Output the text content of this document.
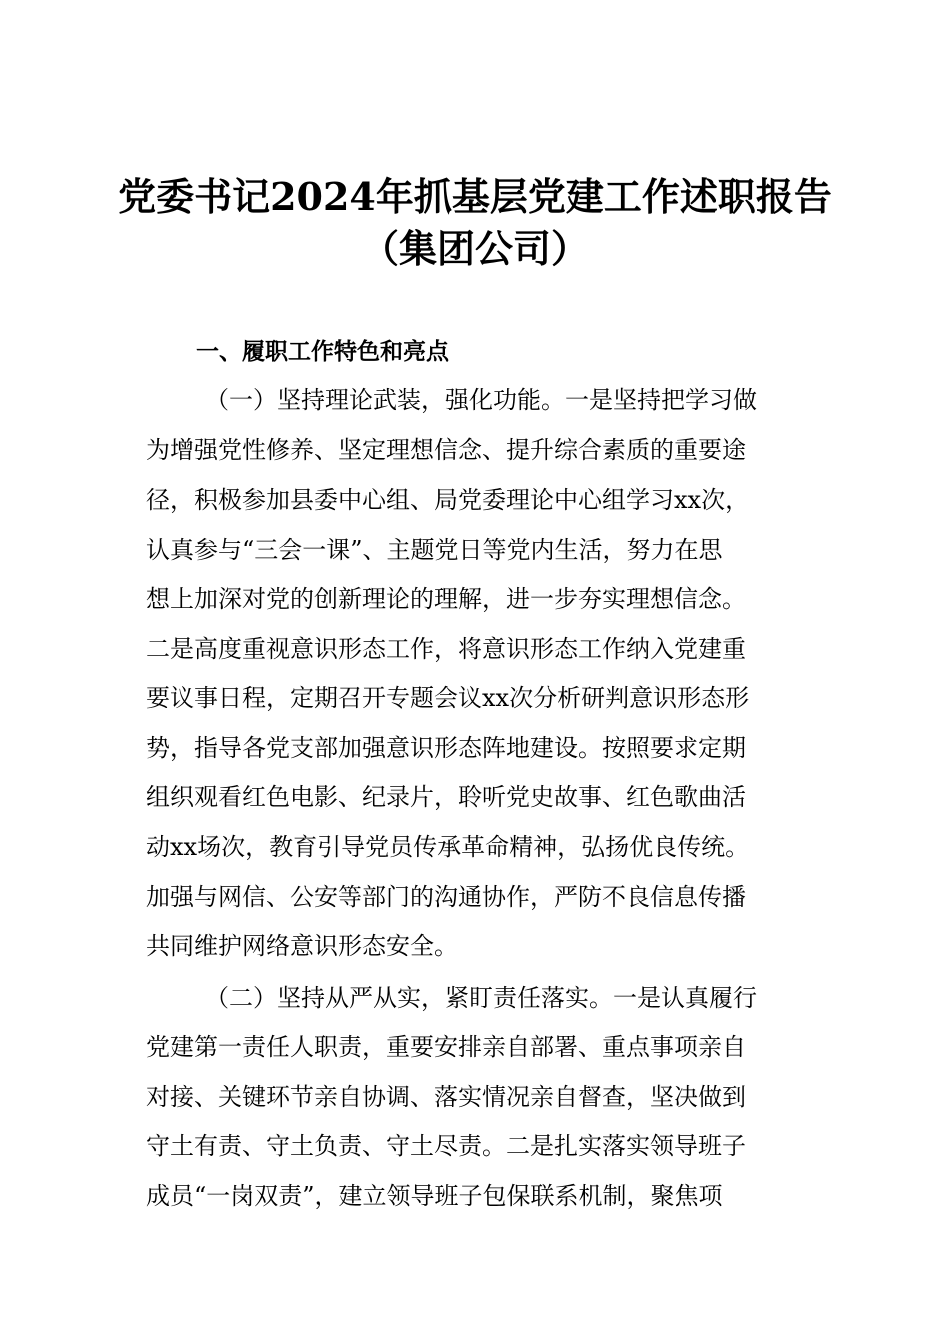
党委书记2024年抓基层党建工作述职报告
（集团公司）
一、履职工作特色和亮点
（一）坚持理论武装，强化功能。一是坚持把学习做
为增强党性修养、坚定理想信念、提升综合素质的重要途
径，积极参加县委中心组、局党委理论中心组学习xx次，
认真参与“三会一课”、主题党日等党内生活，努力在思
想上加深对党的创新理论的理解，进一步夯实理想信念。
二是高度重视意识形态工作，将意识形态工作纳入党建重
要议事日程，定期召开专题会议xx次分析研判意识形态形
势，指导各党支部加强意识形态阵地建设。按照要求定期
组织观看红色电影、纪录片，聆听党史故事、红色歌曲活
动xx场次，教育引导党员传承革命精神，弘扬优良传统。
加强与网信、公安等部门的沟通协作，严防不良信息传播
共同维护网络意识形态安全。
（二）坚持从严从实，紧盯责任落实。一是认真履行
党建第一责任人职责，重要安排亲自部署、重点事项亲自
对接、关键环节亲自协调、落实情况亲自督查，坚决做到
守土有责、守土负责、守土尽责。二是扎实落实领导班子
成员“一岗双责”，建立领导班子包保联系机制，聚焦项
